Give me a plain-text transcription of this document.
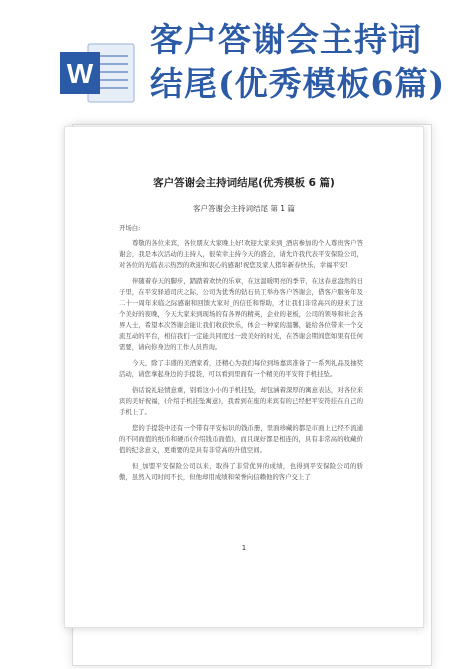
W
客户答谢会主持词
结尾(优秀模板6篇)
客户答谢会主持词结尾(优秀模板 6 篇)
客户答谢会主持词结尾 第 1 篇

开场白:

尊敬的各位来宾，各位朋友大家晚上好!欢迎大家来到_酒店参加的个人尊贵客户答谢会，我是本次活动的主持人，很荣幸主持今天的盛会，请允许我代表平安保险公司，对各位的光临表示热烈的欢迎和衷心的感谢!祝您及家人猪年新春快乐，幸福平安!

伴随着春天的脚步，踏踏着欢快的乐章，在这温暖明亮的季节，在这春意盎然的日子里，在平安驿道司庆之际，公司为优秀的钻石员工举办客户答谢会，借客户服务年及二十一周年来临之际感谢和回馈大家对_的信任和帮助，才让我们非常高兴的迎来了这个美好的夜晚，今天大家来到现场的有各界的精英，企业的老板，公司的领导和社会各界人士，希望本次答谢会能让我们收获快乐，体会一种家的温馨，能给各位带来一个交流互动的平台，相信我们一定能共同度过一段美好的时光，在答谢会期间您如果有任何需要，请向你身边的工作人员咨询。

今天，除了丰盛的美酒家肴，还精心为我们每位到场嘉宾准备了一系列礼品及抽奖活动，请您拿起身边的手提袋，可以看到里面有一个精美的平安符手机挂坠。

俗话说礼轻情意重，别看这小小的手机挂坠，却包涵着深厚的寓意表达，对各位来宾的美好祝福，(介绍手机挂坠寓意)，我看到在座的来宾有的已经把平安符挂在自己的手机上了。

您的手提袋中还有一个带有平安标识的钱币册，里面珍藏的都是市面上已经不流通的不同面值的纸币和硬币(介绍钱币面值)，而且现好都是相连的，具有非常高的收藏价值的纪念意义，更重要的是具有非常高的升值空间。

但_加盟平安保险公司以来，取得了非常优异的成绩，也得到平安保险公司的骄傲，虽然入司时间不长，但他却用成绩和荣誉向信赖他的客户交上了

1
